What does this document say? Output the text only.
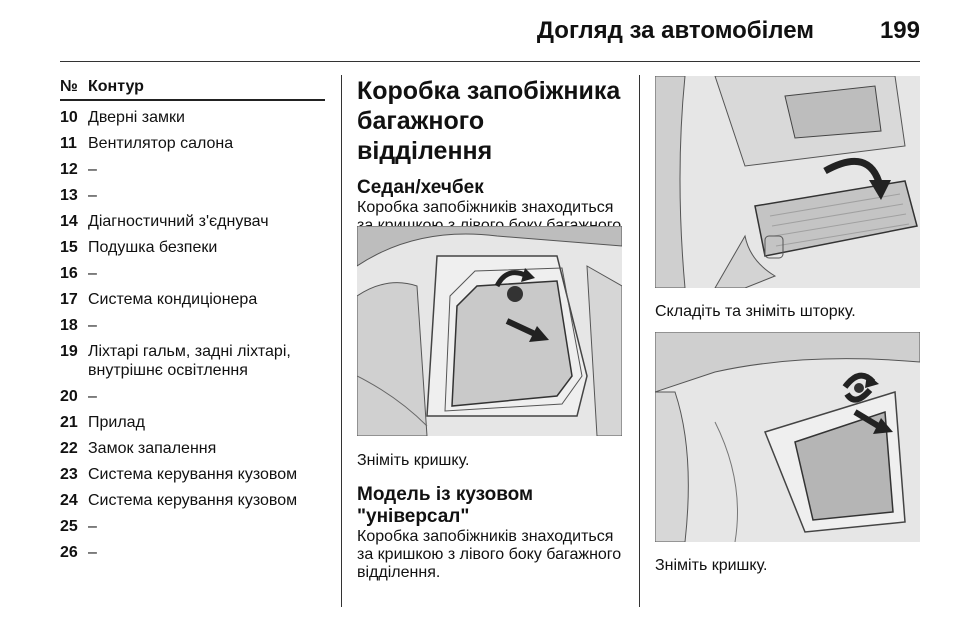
Догляд за автомобілем	199
№ Контур
10 Дверні замки
11 Вентилятор салона
12 –
13 –
14 Діагностичний з'єднувач
15 Подушка безпеки
16 –
17 Система кондиціонера
18 –
19 Ліхтарі гальм, задні ліхтарі, внутрішнє освітлення
20 –
21 Прилад
22 Замок запалення
23 Система керування кузовом
24 Система керування кузовом
25 –
26 –
Коробка запобіжника багажного відділення
Седан/хечбек
Коробка запобіжників знаходиться
Зніміть кришку.
Модель із кузовом "універсал"
Коробка запобіжників знаходиться за кришкою з лівого боку багажного відділення.
Складіть та зніміть шторку.
Зніміть кришку.
